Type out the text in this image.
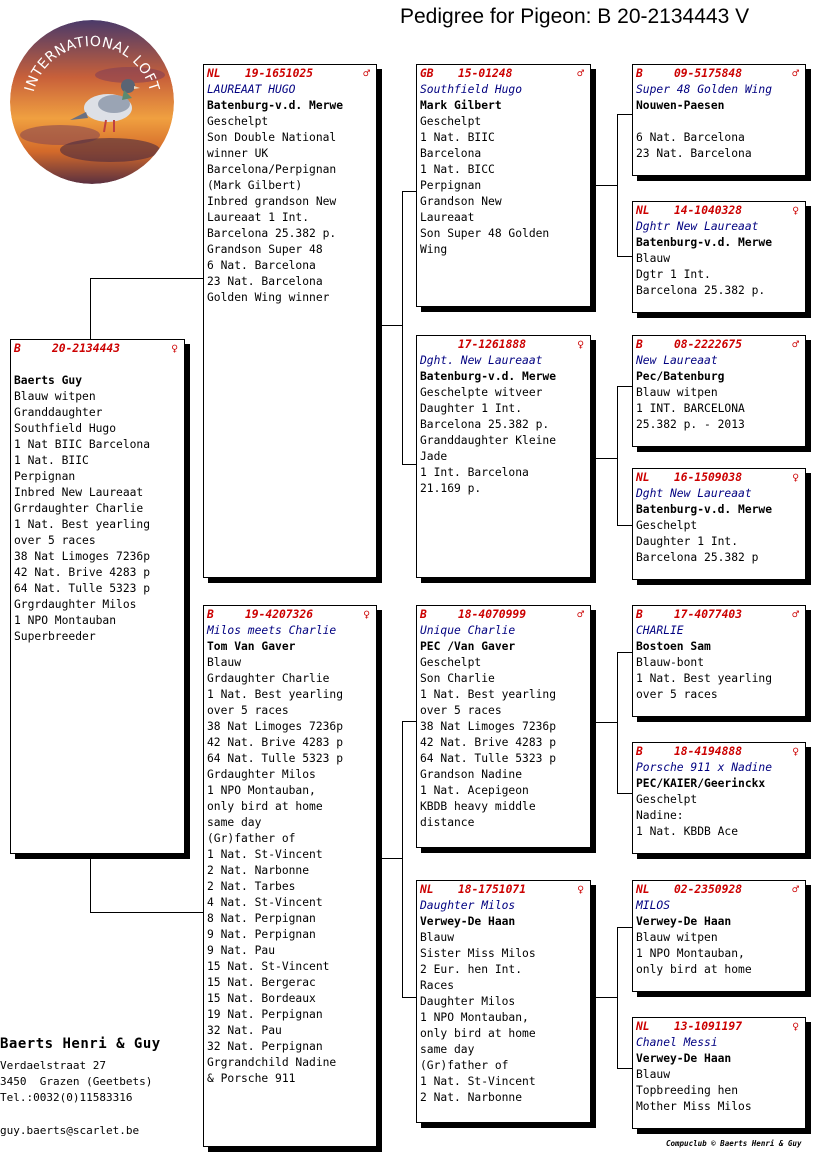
Pedigree for Pigeon: B 20-2134443 V
INTERNATIONAL LOFT
B	20-2134443	♀
Baerts Guy
Blauw witpen
Granddaughter
Southfield Hugo
1 Nat BIIC Barcelona
1 Nat. BIIC
Perpignan
Inbred New Laureaat
Grrdaughter Charlie
1 Nat. Best yearling
over 5 races
38 Nat Limoges 7236p
42 Nat. Brive 4283 p
64 Nat. Tulle 5323 p
Grgrdaughter Milos
1 NPO Montauban
Superbreeder
NL	19-1651025	♂
LAUREAAT HUGO
Batenburg-v.d. Merwe
Geschelpt
Son Double National
winner UK
Barcelona/Perpignan
(Mark Gilbert)
Inbred grandson New
Laureaat 1 Int.
Barcelona 25.382 p.
Grandson Super 48
6 Nat. Barcelona
23 Nat. Barcelona
Golden Wing winner
B	19-4207326	♀
Milos meets Charlie
Tom Van Gaver
Blauw
Grdaughter Charlie
1 Nat. Best yearling
over 5 races
38 Nat Limoges 7236p
42 Nat. Brive 4283 p
64 Nat. Tulle 5323 p
Grdaughter Milos
1 NPO Montauban,
only bird at home
same day
(Gr)father of
1 Nat. St-Vincent
2 Nat. Narbonne
2 Nat. Tarbes
4 Nat. St-Vincent
8 Nat. Perpignan
9 Nat. Perpignan
9 Nat. Pau
15 Nat. St-Vincent
15 Nat. Bergerac
15 Nat. Bordeaux
19 Nat. Perpignan
32 Nat. Pau
32 Nat. Perpignan
Grgrandchild Nadine
& Porsche 911
GB	15-01248	♂
Southfield Hugo
Mark Gilbert
Geschelpt
1 Nat. BIIC
Barcelona
1 Nat. BICC
Perpignan
Grandson New
Laureaat
Son Super 48 Golden
Wing
17-1261888	♀
Dght. New Laureaat
Batenburg-v.d. Merwe
Geschelpte witveer
Daughter 1 Int.
Barcelona 25.382 p.
Granddaughter Kleine
Jade
1 Int. Barcelona
21.169 p.
B	18-4070999	♂
Unique Charlie
PEC /Van Gaver
Geschelpt
Son Charlie
1 Nat. Best yearling
over 5 races
38 Nat Limoges 7236p
42 Nat. Brive 4283 p
64 Nat. Tulle 5323 p
Grandson Nadine
1 Nat. Acepigeon
KBDB heavy middle
distance
NL	18-1751071	♀
Daughter Milos
Verwey-De Haan
Blauw
Sister Miss Milos
2 Eur. hen Int.
Races
Daughter Milos
1 NPO Montauban,
only bird at home
same day
(Gr)father of
1 Nat. St-Vincent
2 Nat. Narbonne
B	09-5175848	♂
Super 48 Golden Wing
Nouwen-Paesen
6 Nat. Barcelona
23 Nat. Barcelona
NL	14-1040328	♀
Dghtr New Laureaat
Batenburg-v.d. Merwe
Blauw
Dgtr 1 Int.
Barcelona 25.382 p.
B	08-2222675	♂
New Laureaat
Pec/Batenburg
Blauw witpen
1 INT. BARCELONA
25.382 p. - 2013
NL	16-1509038	♀
Dght New Laureaat
Batenburg-v.d. Merwe
Geschelpt
Daughter 1 Int.
Barcelona 25.382 p
B	17-4077403	♂
CHARLIE
Bostoen Sam
Blauw-bont
1 Nat. Best yearling
over 5 races
B	18-4194888	♀
Porsche 911 x Nadine
PEC/KAIER/Geerinckx
Geschelpt
Nadine:
1 Nat. KBDB Ace
NL	02-2350928	♂
MILOS
Verwey-De Haan
Blauw witpen
1 NPO Montauban,
only bird at home
NL	13-1091197	♀
Chanel Messi
Verwey-De Haan
Blauw
Topbreeding hen
Mother Miss Milos
Baerts Henri & Guy
Verdaelstraat 27
3450  Grazen (Geetbets)
Tel.:0032(0)11583316
guy.baerts@scarlet.be
Compuclub © Baerts Henri & Guy
